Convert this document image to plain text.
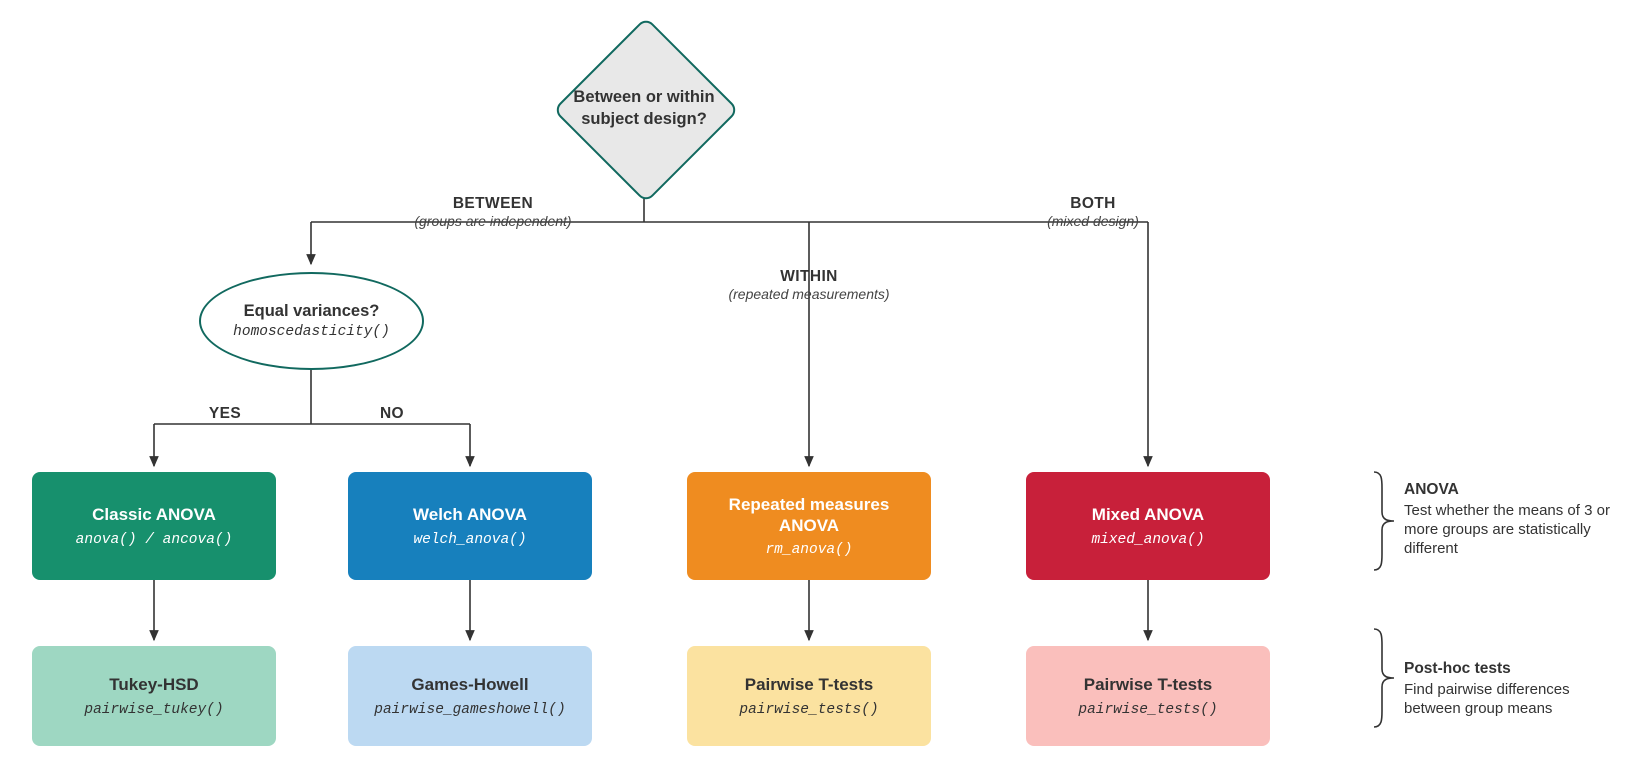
Between or within
subject design?
BETWEEN
(groups are independent)
WITHIN
(repeated measurements)
BOTH
(mixed design)
Equal variances?
homoscedasticity()
YES	NO
Classic ANOVA
anova() / ancova()
Welch ANOVA
welch_anova()
Repeated measures ANOVA
rm_anova()
Mixed ANOVA
mixed_anova()
Tukey-HSD
pairwise_tukey()
Games-Howell
pairwise_gameshowell()
Pairwise T-tests
pairwise_tests()
Pairwise T-tests
pairwise_tests()
ANOVA
Test whether the means of 3 or more groups are statistically different
Post-hoc tests
Find pairwise differences between group means
